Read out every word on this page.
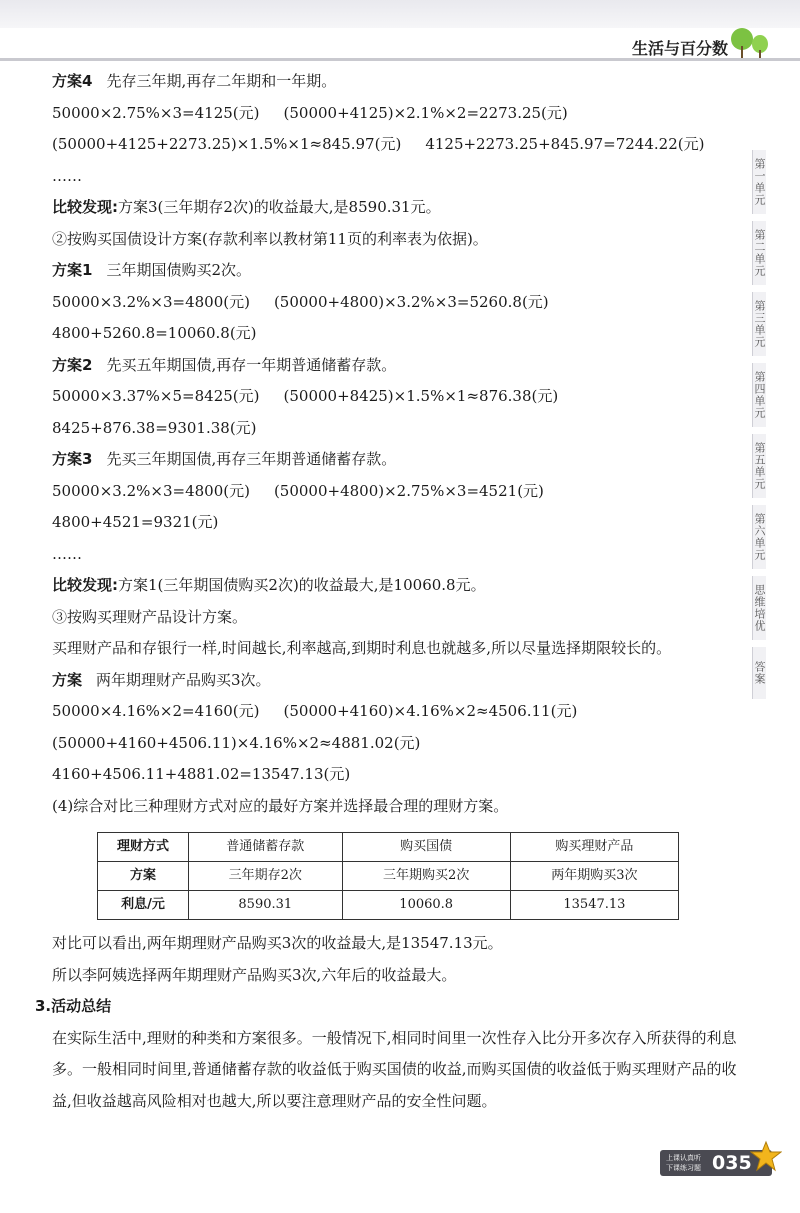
生活与百分数
第一单元
第二单元
第三单元
第四单元
第五单元
第六单元
思维培优
答案
方案4 先存三年期,再存二年期和一年期。
50000×2.75%×3=4125(元) (50000+4125)×2.1%×2=2273.25(元)
(50000+4125+2273.25)×1.5%×1≈845.97(元) 4125+2273.25+845.97=7244.22(元)
……
比较发现:方案3(三年期存2次)的收益最大,是8590.31元。
②按购买国债设计方案(存款利率以教材第11页的利率表为依据)。
方案1 三年期国债购买2次。
50000×3.2%×3=4800(元) (50000+4800)×3.2%×3=5260.8(元)
4800+5260.8=10060.8(元)
方案2 先买五年期国债,再存一年期普通储蓄存款。
50000×3.37%×5=8425(元) (50000+8425)×1.5%×1≈876.38(元)
8425+876.38=9301.38(元)
方案3 先买三年期国债,再存三年期普通储蓄存款。
50000×3.2%×3=4800(元) (50000+4800)×2.75%×3=4521(元)
4800+4521=9321(元)
……
比较发现:方案1(三年期国债购买2次)的收益最大,是10060.8元。
③按购买理财产品设计方案。
买理财产品和存银行一样,时间越长,利率越高,到期时利息也就越多,所以尽量选择期限较长的。
方案 两年期理财产品购买3次。
50000×4.16%×2=4160(元) (50000+4160)×4.16%×2≈4506.11(元)
(50000+4160+4506.11)×4.16%×2≈4881.02(元)
4160+4506.11+4881.02=13547.13(元)
(4)综合对比三种理财方式对应的最好方案并选择最合理的理财方案。
理财方式	普通储蓄存款	购买国债	购买理财产品
方案	三年期存2次	三年期购买2次	两年期购买3次
利息/元	8590.31	10060.8	13547.13
对比可以看出,两年期理财产品购买3次的收益最大,是13547.13元。
所以李阿姨选择两年期理财产品购买3次,六年后的收益最大。
3.活动总结
在实际生活中,理财的种类和方案很多。一般情况下,相同时间里一次性存入比分开多次存入所获得的利息多。一般相同时间里,普通储蓄存款的收益低于购买国债的收益,而购买国债的收益低于购买理财产品的收益,但收益越高风险相对也越大,所以要注意理财产品的安全性问题。
上课认真听 下课练习题 035
